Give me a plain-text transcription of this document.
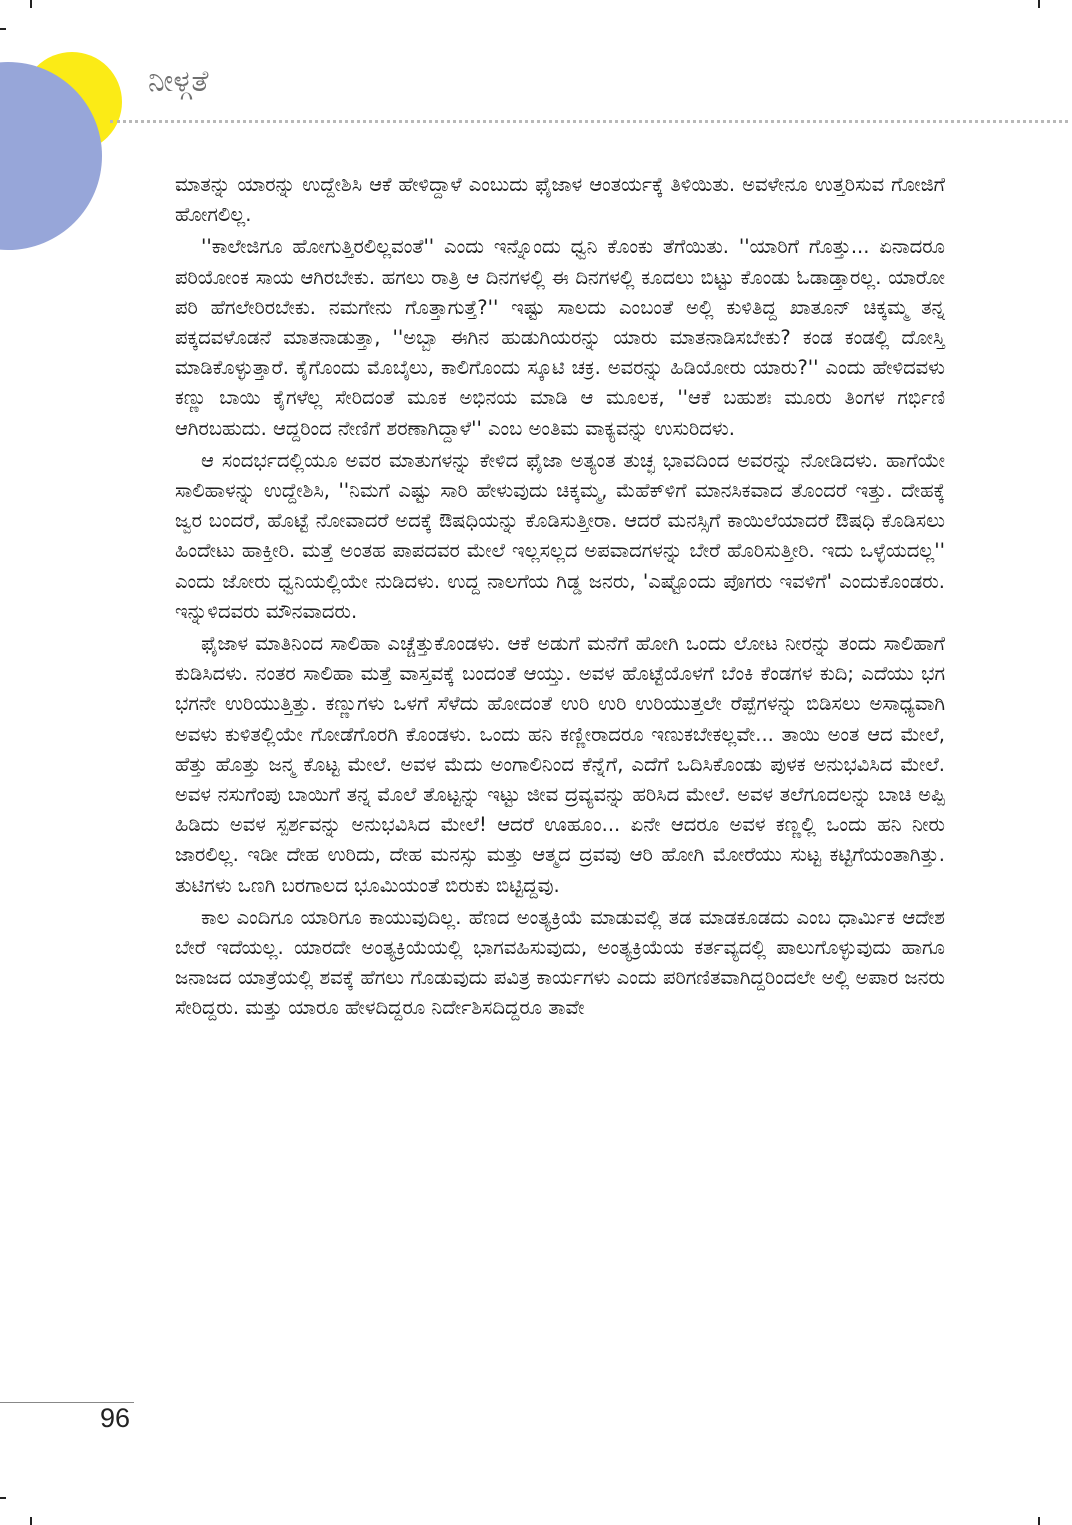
ನೀಳ್ಗತೆ

ಮಾತನ್ನು ಯಾರನ್ನು ಉದ್ದೇಶಿಸಿ ಆಕೆ ಹೇಳಿದ್ದಾಳೆ ಎಂಬುದು ಫೈಜಾಳ ಆಂತರ್ಯಕ್ಕೆ ತಿಳಿಯಿತು. ಅವಳೇನೂ ಉತ್ತರಿಸುವ ಗೋಜಿಗೆ ಹೋಗಲಿಲ್ಲ.

''ಕಾಲೇಜಿಗೂ ಹೋಗುತ್ತಿರಲಿಲ್ಲವಂತೆ'' ಎಂದು ಇನ್ನೊಂದು ಧ್ವನಿ ಕೊಂಕು ತೆಗೆಯಿತು. ''ಯಾರಿಗೆ ಗೊತ್ತು... ಏನಾದರೂ ಪರಿಯೋಂಕ ಸಾಯ ಆಗಿರಬೇಕು. ಹಗಲು ರಾತ್ರಿ ಆ ದಿನಗಳಲ್ಲಿ ಈ ದಿನಗಳಲ್ಲಿ ಕೂದಲು ಬಿಟ್ಟು ಕೊಂಡು ಓಡಾಡ್ತಾರಲ್ಲ. ಯಾರೋ ಪರಿ ಹೆಗಲೇರಿರಬೇಕು. ನಮಗೇನು ಗೊತ್ತಾಗುತ್ತೆ?'' ಇಷ್ಟು ಸಾಲದು ಎಂಬಂತೆ ಅಲ್ಲಿ ಕುಳಿತಿದ್ದ ಖಾತೂನ್ ಚಿಕ್ಕಮ್ಮ ತನ್ನ ಪಕ್ಕದವಳೊಡನೆ ಮಾತನಾಡುತ್ತಾ, ''ಅಬ್ಬಾ ಈಗಿನ ಹುಡುಗಿಯರನ್ನು ಯಾರು ಮಾತನಾಡಿಸಬೇಕು? ಕಂಡ ಕಂಡಲ್ಲಿ ದೋಸ್ತಿ ಮಾಡಿಕೊಳ್ಳುತ್ತಾರೆ. ಕೈಗೊಂದು ಮೊಬೈಲು, ಕಾಲಿಗೊಂದು ಸ್ಕೂಟಿ ಚಕ್ರ. ಅವರನ್ನು ಹಿಡಿಯೋರು ಯಾರು?'' ಎಂದು ಹೇಳಿದವಳು ಕಣ್ಣು ಬಾಯಿ ಕೈಗಳೆಲ್ಲ ಸೇರಿದಂತೆ ಮೂಕ ಅಭಿನಯ ಮಾಡಿ ಆ ಮೂಲಕ, ''ಆಕೆ ಬಹುಶಃ ಮೂರು ತಿಂಗಳ ಗರ್ಭಿಣಿ ಆಗಿರಬಹುದು. ಆದ್ದರಿಂದ ನೇಣಿಗೆ ಶರಣಾಗಿದ್ದಾಳೆ'' ಎಂಬ ಅಂತಿಮ ವಾಕ್ಯವನ್ನು ಉಸುರಿದಳು.

ಆ ಸಂದರ್ಭದಲ್ಲಿಯೂ ಅವರ ಮಾತುಗಳನ್ನು ಕೇಳಿದ ಫೈಜಾ ಅತ್ಯಂತ ತುಚ್ಛ ಭಾವದಿಂದ ಅವರನ್ನು ನೋಡಿದಳು. ಹಾಗೆಯೇ ಸಾಲಿಹಾಳನ್ನು ಉದ್ದೇಶಿಸಿ, ''ನಿಮಗೆ ಎಷ್ಟು ಸಾರಿ ಹೇಳುವುದು ಚಿಕ್ಕಮ್ಮ, ಮೆಹೆಕ್‌ಳಿಗೆ ಮಾನಸಿಕವಾದ ತೊಂದರೆ ಇತ್ತು. ದೇಹಕ್ಕೆ ಜ್ವರ ಬಂದರೆ, ಹೊಟ್ಟೆ ನೋವಾದರೆ ಅದಕ್ಕೆ ಔಷಧಿಯನ್ನು ಕೊಡಿಸುತ್ತೀರಾ. ಆದರೆ ಮನಸ್ಸಿಗೆ ಕಾಯಿಲೆಯಾದರೆ ಔಷಧಿ ಕೊಡಿಸಲು ಹಿಂದೇಟು ಹಾಕ್ತೀರಿ. ಮತ್ತೆ ಅಂತಹ ಪಾಪದವರ ಮೇಲೆ ಇಲ್ಲಸಲ್ಲದ ಅಪವಾದಗಳನ್ನು ಬೇರೆ ಹೊರಿಸುತ್ತೀರಿ. ಇದು ಒಳ್ಳೆಯದಲ್ಲ'' ಎಂದು ಜೋರು ಧ್ವನಿಯಲ್ಲಿಯೇ ನುಡಿದಳು. ಉದ್ದ ನಾಲಗೆಯ ಗಿಡ್ಡ ಜನರು, 'ಎಷ್ಟೊಂದು ಪೊಗರು ಇವಳಿಗೆ' ಎಂದುಕೊಂಡರು. ಇನ್ನುಳಿದವರು ಮೌನವಾದರು.

ಫೈಜಾಳ ಮಾತಿನಿಂದ ಸಾಲಿಹಾ ಎಚ್ಚೆತ್ತುಕೊಂಡಳು. ಆಕೆ ಅಡುಗೆ ಮನೆಗೆ ಹೋಗಿ ಒಂದು ಲೋಟ ನೀರನ್ನು ತಂದು ಸಾಲಿಹಾಗೆ ಕುಡಿಸಿದಳು. ನಂತರ ಸಾಲಿಹಾ ಮತ್ತೆ ವಾಸ್ತವಕ್ಕೆ ಬಂದಂತೆ ಆಯ್ತು. ಅವಳ ಹೊಟ್ಟೆಯೊಳಗೆ ಬೆಂಕಿ ಕೆಂಡಗಳ ಕುದಿ; ಎದೆಯು ಭಗ ಭಗನೇ ಉರಿಯುತ್ತಿತ್ತು. ಕಣ್ಣುಗಳು ಒಳಗೆ ಸೆಳೆದು ಹೋದಂತೆ ಉರಿ ಉರಿ ಉರಿಯುತ್ತಲೇ ರೆಪ್ಪೆಗಳನ್ನು ಬಿಡಿಸಲು ಅಸಾಧ್ಯವಾಗಿ ಅವಳು ಕುಳಿತಲ್ಲಿಯೇ ಗೋಡೆಗೊರಗಿ ಕೊಂಡಳು. ಒಂದು ಹನಿ ಕಣ್ಣೀರಾದರೂ ಇಣುಕಬೇಕಲ್ಲವೇ... ತಾಯಿ ಅಂತ ಆದ ಮೇಲೆ, ಹೆತ್ತು ಹೊತ್ತು ಜನ್ಮ ಕೊಟ್ಟ ಮೇಲೆ. ಅವಳ ಮೆದು ಅಂಗಾಲಿನಿಂದ ಕೆನ್ನೆಗೆ, ಎದೆಗೆ ಒದಿಸಿಕೊಂಡು ಪುಳಕ ಅನುಭವಿಸಿದ ಮೇಲೆ. ಅವಳ ನಸುಗೆಂಪು ಬಾಯಿಗೆ ತನ್ನ ಮೊಲೆ ತೊಟ್ಟನ್ನು ಇಟ್ಟು ಜೀವ ದ್ರವ್ಯವನ್ನು ಹರಿಸಿದ ಮೇಲೆ. ಅವಳ ತಲೆಗೂದಲನ್ನು ಬಾಚಿ ಅಪ್ಪಿ ಹಿಡಿದು ಅವಳ ಸ್ಪರ್ಶವನ್ನು ಅನುಭವಿಸಿದ ಮೇಲೆ! ಆದರೆ ಊಹೂಂ... ಏನೇ ಆದರೂ ಅವಳ ಕಣ್ಣಲ್ಲಿ ಒಂದು ಹನಿ ನೀರು ಜಾರಲಿಲ್ಲ. ಇಡೀ ದೇಹ ಉರಿದು, ದೇಹ ಮನಸ್ಸು ಮತ್ತು ಆತ್ಮದ ದ್ರವವು ಆರಿ ಹೋಗಿ ಮೋರೆಯು ಸುಟ್ಟ ಕಟ್ಟಿಗೆಯಂತಾಗಿತ್ತು. ತುಟಿಗಳು ಒಣಗಿ ಬರಗಾಲದ ಭೂಮಿಯಂತೆ ಬಿರುಕು ಬಿಟ್ಟಿದ್ದವು.

ಕಾಲ ಎಂದಿಗೂ ಯಾರಿಗೂ ಕಾಯುವುದಿಲ್ಲ. ಹೆಣದ ಅಂತ್ಯಕ್ರಿಯೆ ಮಾಡುವಲ್ಲಿ ತಡ ಮಾಡಕೂಡದು ಎಂಬ ಧಾರ್ಮಿಕ ಆದೇಶ ಬೇರೆ ಇದೆಯಲ್ಲ. ಯಾರದೇ ಅಂತ್ಯಕ್ರಿಯೆಯಲ್ಲಿ ಭಾಗವಹಿಸುವುದು, ಅಂತ್ಯಕ್ರಿಯೆಯ ಕರ್ತವ್ಯದಲ್ಲಿ ಪಾಲುಗೊಳ್ಳುವುದು ಹಾಗೂ ಜನಾಜದ ಯಾತ್ರೆಯಲ್ಲಿ ಶವಕ್ಕೆ ಹೆಗಲು ಗೊಡುವುದು ಪವಿತ್ರ ಕಾರ್ಯಗಳು ಎಂದು ಪರಿಗಣಿತವಾಗಿದ್ದರಿಂದಲೇ ಅಲ್ಲಿ ಅಪಾರ ಜನರು ಸೇರಿದ್ದರು. ಮತ್ತು ಯಾರೂ ಹೇಳದಿದ್ದರೂ ನಿರ್ದೇಶಿಸದಿದ್ದರೂ ತಾವೇ

96
